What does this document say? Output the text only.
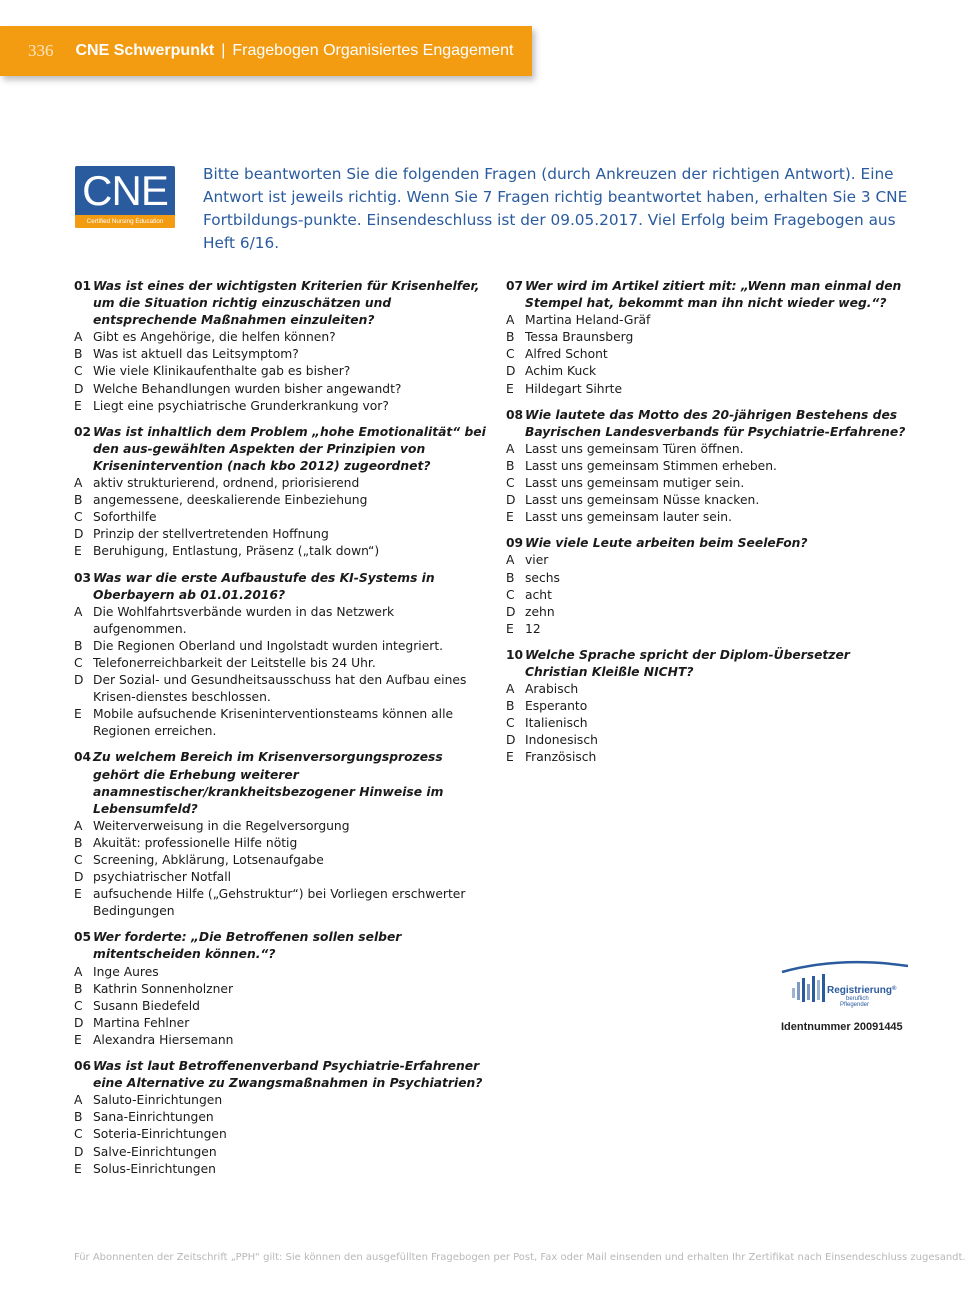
336 CNE Schwerpunkt | Fragebogen Organisiertes Engagement
CNE
Certified Nursing Education

Bitte beantworten Sie die folgenden Fragen (durch Ankreuzen der richtigen Antwort). Eine Antwort ist jeweils richtig. Wenn Sie 7 Fragen richtig beantwortet haben, erhalten Sie 3 CNE Fortbildungs-punkte. Einsendeschluss ist der 09.05.2017. Viel Erfolg beim Fragebogen aus Heft 6/16.

01 Was ist eines der wichtigsten Kriterien für Krisenhelfer, um die Situation richtig einzuschätzen und entsprechende Maßnahmen einzuleiten?
A Gibt es Angehörige, die helfen können?
B Was ist aktuell das Leitsymptom?
C Wie viele Klinikaufenthalte gab es bisher?
D Welche Behandlungen wurden bisher angewandt?
E Liegt eine psychiatrische Grunderkrankung vor?
02 Was ist inhaltlich dem Problem „hohe Emotionalität“ bei den aus-gewählten Aspekten der Prinzipien von Krisenintervention (nach kbo 2012) zugeordnet?
A aktiv strukturierend, ordnend, priorisierend
B angemessene, deeskalierende Einbeziehung
C Soforthilfe
D Prinzip der stellvertretenden Hoffnung
E Beruhigung, Entlastung, Präsenz („talk down“)
03 Was war die erste Aufbaustufe des KI-Systems in Oberbayern ab 01.01.2016?
A Die Wohlfahrtsverbände wurden in das Netzwerk aufgenommen.
B Die Regionen Oberland und Ingolstadt wurden integriert.
C Telefonerreichbarkeit der Leitstelle bis 24 Uhr.
D Der Sozial- und Gesundheitsausschuss hat den Aufbau eines Krisen-dienstes beschlossen.
E Mobile aufsuchende Kriseninterventionsteams können alle Regionen erreichen.
04 Zu welchem Bereich im Krisenversorgungsprozess gehört die Erhebung weiterer anamnestischer/krankheitsbezogener Hinweise im Lebensumfeld?
A Weiterverweisung in die Regelversorgung
B Akuität: professionelle Hilfe nötig
C Screening, Abklärung, Lotsenaufgabe
D psychiatrischer Notfall
E aufsuchende Hilfe („Gehstruktur“) bei Vorliegen erschwerter Bedingungen
05 Wer forderte: „Die Betroffenen sollen selber mitentscheiden können.“?
A Inge Aures
B Kathrin Sonnenholzner
C Susann Biedefeld
D Martina Fehlner
E Alexandra Hiersemann
06 Was ist laut Betroffenenverband Psychiatrie-Erfahrener eine Alternative zu Zwangsmaßnahmen in Psychiatrien?
A Saluto-Einrichtungen
B Sana-Einrichtungen
C Soteria-Einrichtungen
D Salve-Einrichtungen
E Solus-Einrichtungen
07 Wer wird im Artikel zitiert mit: „Wenn man einmal den Stempel hat, bekommt man ihn nicht wieder weg.“?
A Martina Heland-Gräf
B Tessa Braunsberg
C Alfred Schont
D Achim Kuck
E Hildegart Sihrte
08 Wie lautete das Motto des 20-jährigen Bestehens des Bayrischen Landesverbands für Psychiatrie-Erfahrene?
A Lasst uns gemeinsam Türen öffnen.
B Lasst uns gemeinsam Stimmen erheben.
C Lasst uns gemeinsam mutiger sein.
D Lasst uns gemeinsam Nüsse knacken.
E Lasst uns gemeinsam lauter sein.
09 Wie viele Leute arbeiten beim SeeleFon?
A vier
B sechs
C acht
D zehn
E 12
10 Welche Sprache spricht der Diplom-Übersetzer Christian Kleißle NICHT?
A Arabisch
B Esperanto
C Italienisch
D Indonesisch
E Französisch
Registrierung®
beruflich
Pflegender
Identnummer 20091445
Für Abonnenten der Zeitschrift „PPH“ gilt: Sie können den ausgefüllten Fragebogen per Post, Fax oder Mail einsenden und erhalten Ihr Zertifikat nach Einsendeschluss zugesandt.
